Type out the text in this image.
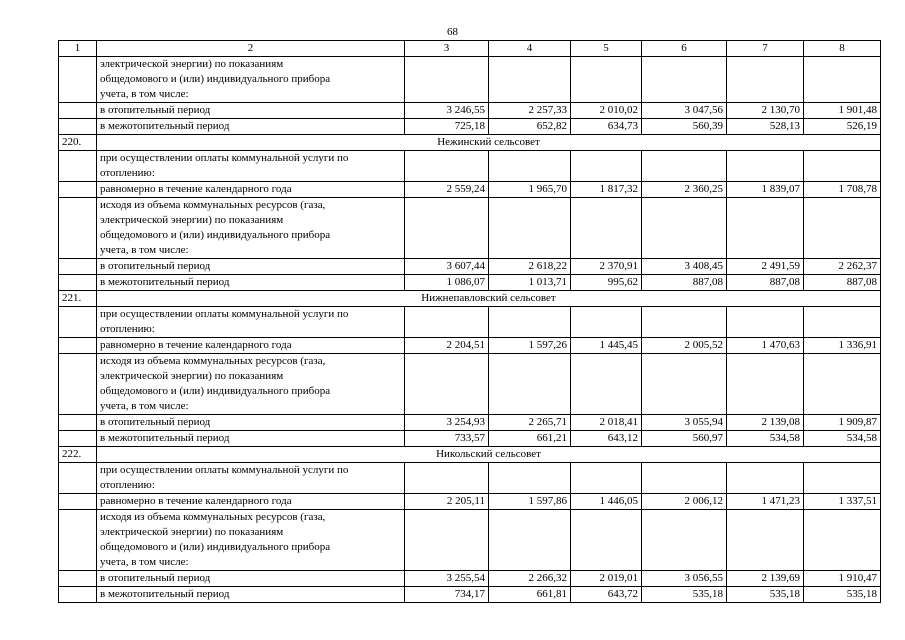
68
1	2	3	4	5	6	7	8

	электрической энергии) по показаниям
общедомового и (или) индивидуального прибора
учета, в том числе:						

	в отопительный период	3 246,55	2 257,33	2 010,02	3 047,56	2 130,70	1 901,48
	в межотопительный период	725,18	652,82	634,73	560,39	528,13	526,19
220.	Нежинский сельсовет						

	при осуществлении оплаты коммунальной услуги по
отоплению:						

	равномерно в течение календарного года	2 559,24	1 965,70	1 817,32	2 360,25	1 839,07	1 708,78

	исходя из объема коммунальных ресурсов (газа,
электрической энергии) по показаниям
общедомового и (или) индивидуального прибора
учета, в том числе:						

	в отопительный период	3 607,44	2 618,22	2 370,91	3 408,45	2 491,59	2 262,37
	в межотопительный период	1 086,07	1 013,71	995,62	887,08	887,08	887,08
221.	Нижнепавловский сельсовет						

	при осуществлении оплаты коммунальной услуги по
отоплению:						

	равномерно в течение календарного года	2 204,51	1 597,26	1 445,45	2 005,52	1 470,63	1 336,91

	исходя из объема коммунальных ресурсов (газа,
электрической энергии) по показаниям
общедомового и (или) индивидуального прибора
учета, в том числе:						

	в отопительный период	3 254,93	2 265,71	2 018,41	3 055,94	2 139,08	1 909,87
	в межотопительный период	733,57	661,21	643,12	560,97	534,58	534,58
222.	Никольский сельсовет						

	при осуществлении оплаты коммунальной услуги по
отоплению:						

	равномерно в течение календарного года	2 205,11	1 597,86	1 446,05	2 006,12	1 471,23	1 337,51

	исходя из объема коммунальных ресурсов (газа,
электрической энергии) по показаниям
общедомового и (или) индивидуального прибора
учета, в том числе:						

	в отопительный период	3 255,54	2 266,32	2 019,01	3 056,55	2 139,69	1 910,47
	в межотопительный период	734,17	661,81	643,72	535,18	535,18	535,18
